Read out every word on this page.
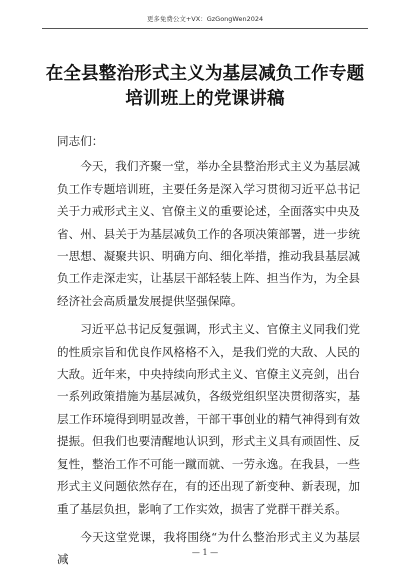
更多免费公文+VX：GzGongWen2024
在全县整治形式主义为基层减负工作专题
培训班上的党课讲稿

同志们：

今天，我们齐聚一堂，举办全县整治形式主义为基层减负工作专题培训班，主要任务是深入学习贯彻习近平总书记关于力戒形式主义、官僚主义的重要论述，全面落实中央及省、州、县关于为基层减负工作的各项决策部署，进一步统一思想、凝聚共识、明确方向、细化举措，推动我县基层减负工作走深走实，让基层干部轻装上阵、担当作为，为全县经济社会高质量发展提供坚强保障。

习近平总书记反复强调，形式主义、官僚主义同我们党的性质宗旨和优良作风格格不入，是我们党的大敌、人民的大敌。近年来，中央持续向形式主义、官僚主义亮剑，出台一系列政策措施为基层减负，各级党组织坚决贯彻落实，基层工作环境得到明显改善，干部干事创业的精气神得到有效提振。但我们也要清醒地认识到，形式主义具有顽固性、反复性，整治工作不可能一蹴而就、一劳永逸。在我县，一些形式主义问题依然存在，有的还出现了新变种、新表现，加重了基层负担，影响了工作实效，损害了党群干群关系。

今天这堂党课，我将围绕“为什么整治形式主义为基层减	— 1 —
